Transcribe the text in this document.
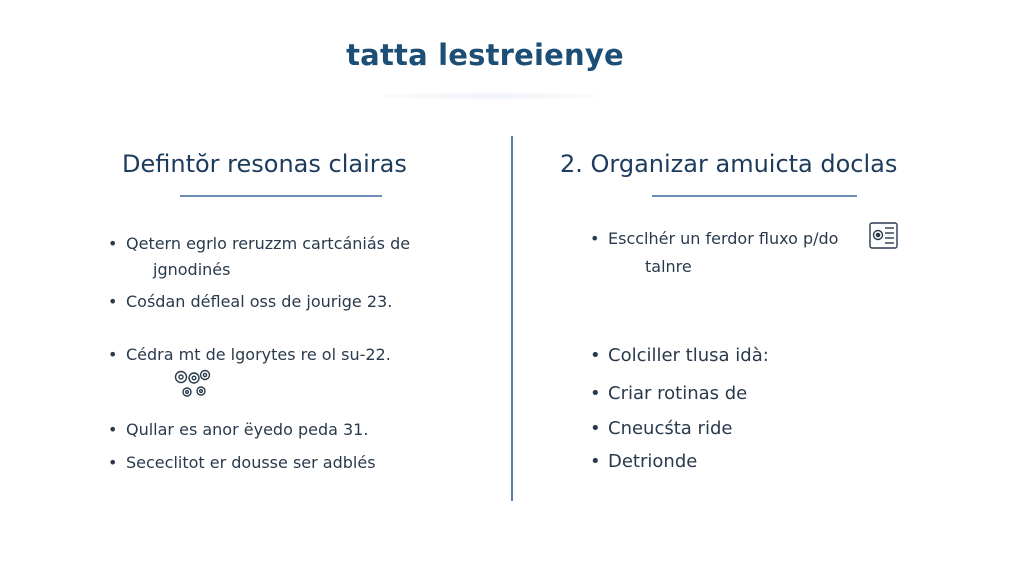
tatta lestreienye
Defintŏr resonas clairas
• Qetern egrlo reruzzm cartcániás de
jgnodinés
• Cośdan défleal oss de jourige 23.
• Cédra mt de lgorytes re ol su-22.
• Qullar es anor ёyedo peda 31.
• Sececlitot er dousse ser adblés
2. Organizar amuicta doclas
• Escclhér un ferdor fluxo p/do
talnre
• Colciller tlusa idà:
• Criar rotinas de
• Cneucśta ride
• Detrionde
